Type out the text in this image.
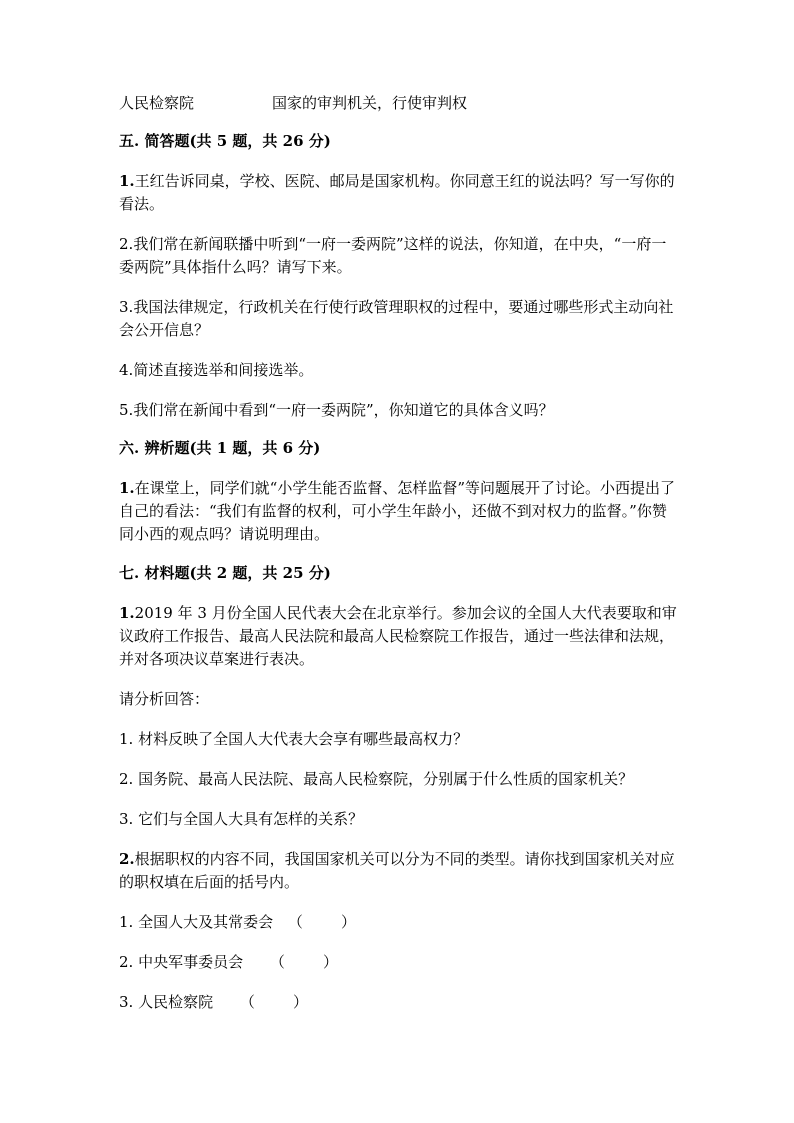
人民检察院	国家的审判机关，行使审判权

五. 简答题(共 5 题，共 26 分)

1.王红告诉同桌，学校、医院、邮局是国家机构。你同意王红的说法吗？写一写你的看法。

2.我们常在新闻联播中听到“一府一委两院”这样的说法，你知道，在中央，“一府一委两院”具体指什么吗？请写下来。

3.我国法律规定，行政机关在行使行政管理职权的过程中，要通过哪些形式主动向社会公开信息？

4.简述直接选举和间接选举。

5.我们常在新闻中看到“一府一委两院”，你知道它的具体含义吗？

六. 辨析题(共 1 题，共 6 分)

1.在课堂上，同学们就“小学生能否监督、怎样监督”等问题展开了讨论。小西提出了自己的看法：“我们有监督的权利，可小学生年龄小，还做不到对权力的监督。”你赞同小西的观点吗？请说明理由。

七. 材料题(共 2 题，共 25 分)

1.2019 年 3 月份全国人民代表大会在北京举行。参加会议的全国人大代表要取和审议政府工作报告、最高人民法院和最高人民检察院工作报告，通过一些法律和法规，并对各项决议草案进行表决。

请分析回答：

1. 材料反映了全国人大代表大会享有哪些最高权力？

2. 国务院、最高人民法院、最高人民检察院，分别属于什么性质的国家机关？

3. 它们与全国人大具有怎样的关系？

2.根据职权的内容不同，我国国家机关可以分为不同的类型。请你找到国家机关对应的职权填在后面的括号内。

1. 全国人大及其常委会 （        ）

2. 中央军事委员会 （        ）

3. 人民检察院 （        ）
